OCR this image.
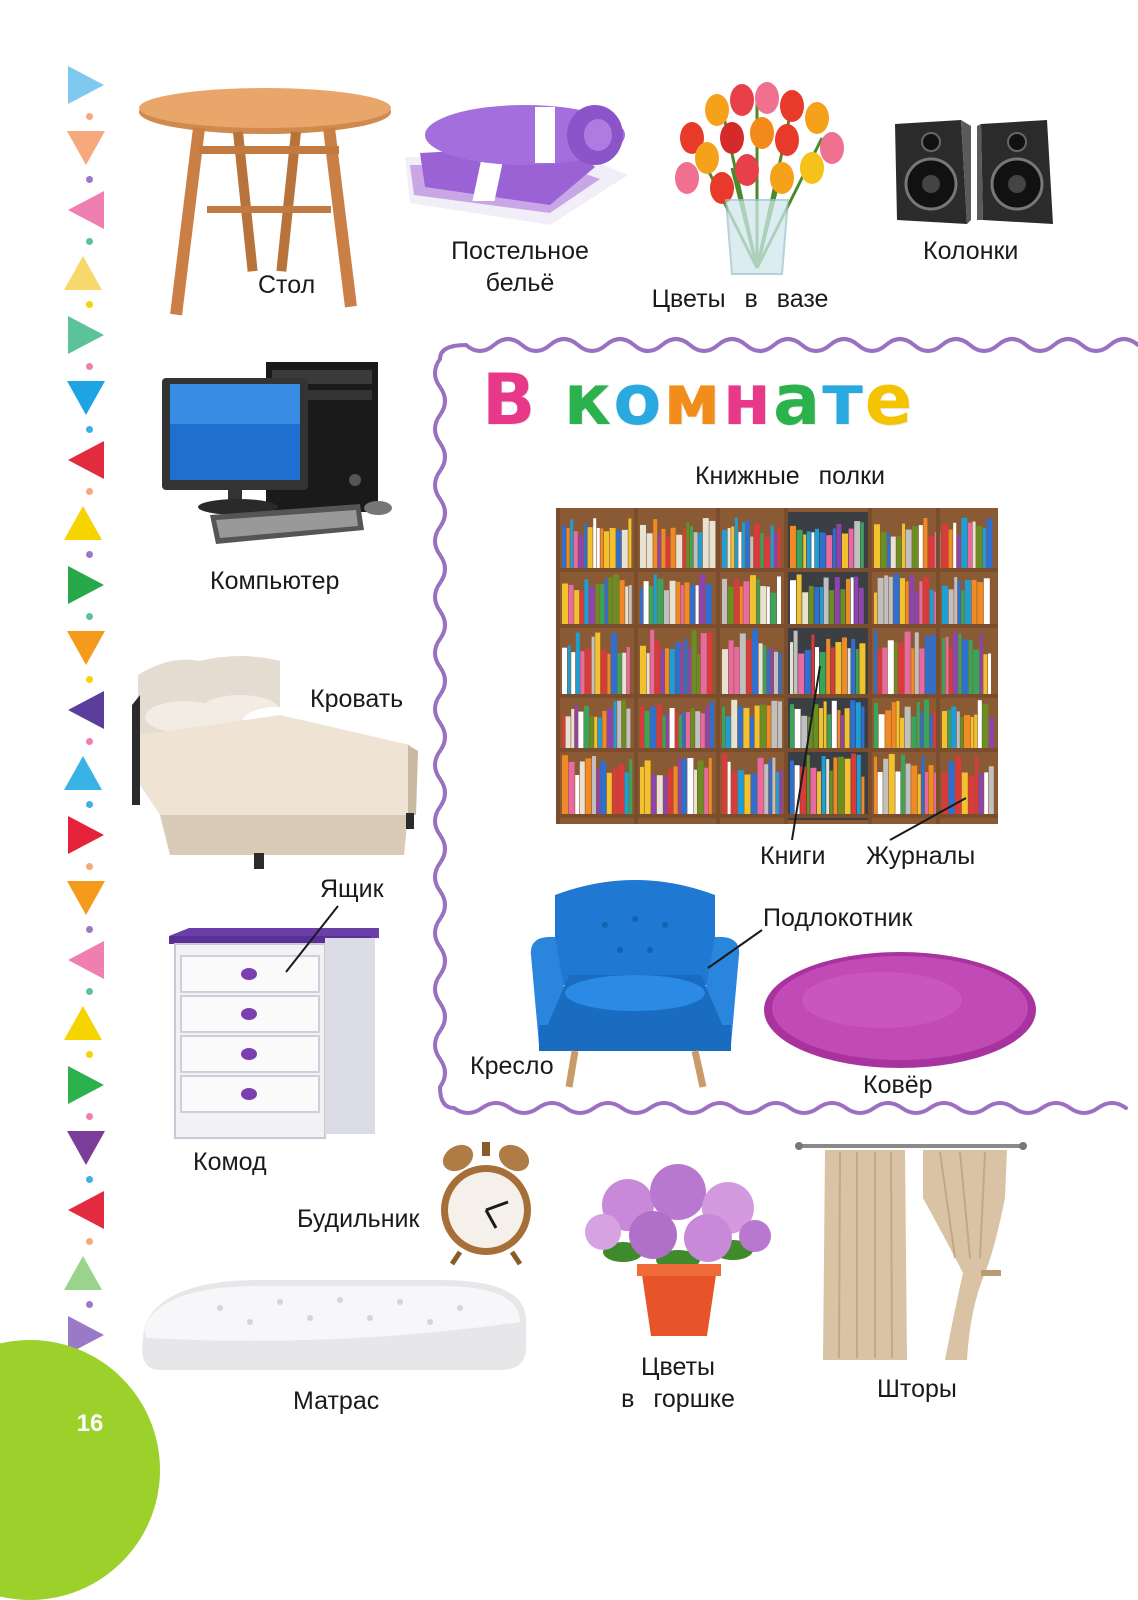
16
В комнате
Стол
Постельное
бельё
Цветы в вазе
Колонки
Компьютер
Кровать
Ящик
Комод
Книжные полки
Книги Журналы
Подлокотник
Кресло
Ковёр
Будильник
Матрас
Цветы
в горшке	Шторы
